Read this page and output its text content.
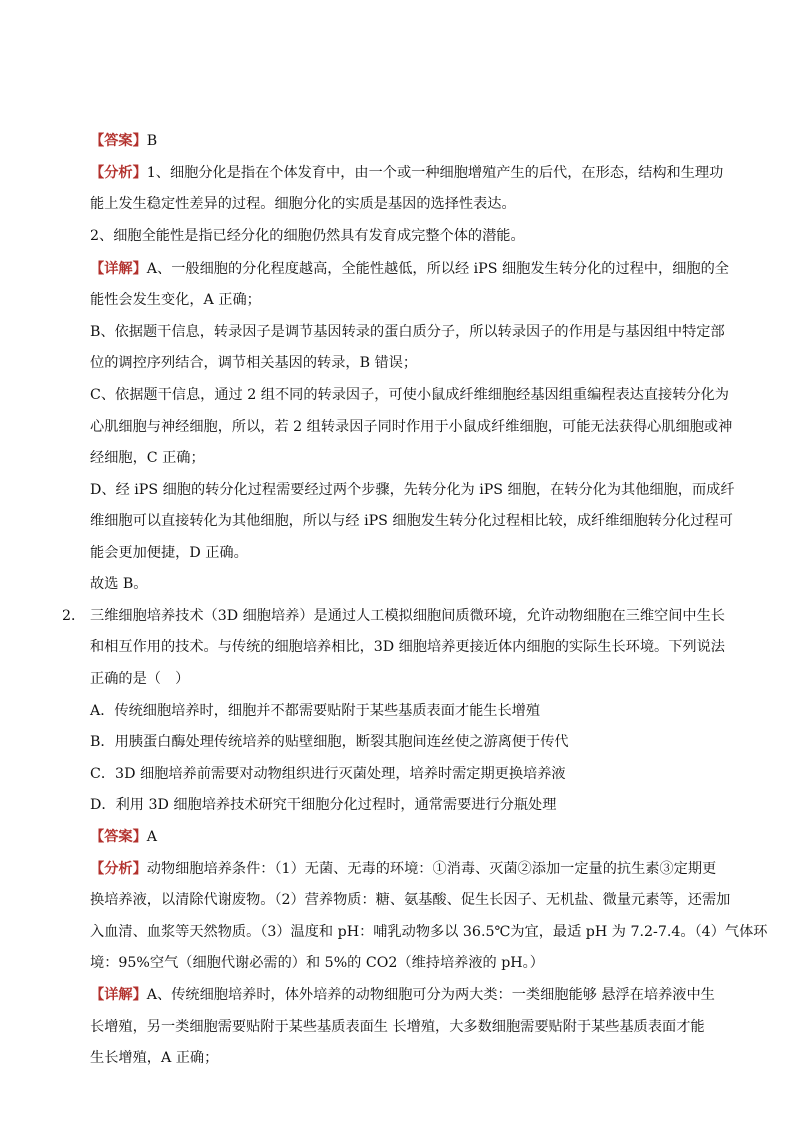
【答案】B
【分析】1、细胞分化是指在个体发育中，由一个或一种细胞增殖产生的后代，在形态，结构和生理功
能上发生稳定性差异的过程。细胞分化的实质是基因的选择性表达。
2、细胞全能性是指已经分化的细胞仍然具有发育成完整个体的潜能。
【详解】A、一般细胞的分化程度越高，全能性越低，所以经 iPS 细胞发生转分化的过程中，细胞的全
能性会发生变化，A 正确；
B、依据题干信息，转录因子是调节基因转录的蛋白质分子，所以转录因子的作用是与基因组中特定部
位的调控序列结合，调节相关基因的转录，B 错误；
C、依据题干信息，通过 2 组不同的转录因子，可使小鼠成纤维细胞经基因组重编程表达直接转分化为
心肌细胞与神经细胞，所以，若 2 组转录因子同时作用于小鼠成纤维细胞，可能无法获得心肌细胞或神
经细胞，C 正确；
D、经 iPS 细胞的转分化过程需要经过两个步骤，先转分化为 iPS 细胞，在转分化为其他细胞，而成纤
维细胞可以直接转化为其他细胞，所以与经 iPS 细胞发生转分化过程相比较，成纤维细胞转分化过程可
能会更加便捷，D 正确。
故选 B。
2． 三维细胞培养技术（3D 细胞培养）是通过人工模拟细胞间质微环境，允许动物细胞在三维空间中生长
和相互作用的技术。与传统的细胞培养相比，3D 细胞培养更接近体内细胞的实际生长环境。下列说法
正确的是（　）
A．传统细胞培养时，细胞并不都需要贴附于某些基质表面才能生长增殖
B．用胰蛋白酶处理传统培养的贴壁细胞，断裂其胞间连丝使之游离便于传代
C．3D 细胞培养前需要对动物组织进行灭菌处理，培养时需定期更换培养液
D．利用 3D 细胞培养技术研究干细胞分化过程时，通常需要进行分瓶处理
【答案】A
【分析】动物细胞培养条件：（1）无菌、无毒的环境：①消毒、灭菌②添加一定量的抗生素③定期更
换培养液，以清除代谢废物。（2）营养物质：糖、氨基酸、促生长因子、无机盐、微量元素等，还需加
入血清、血浆等天然物质。（3）温度和 pH：哺乳动物多以 36.5℃为宜，最适 pH 为 7.2-7.4。（4）气体环
境：95%空气（细胞代谢必需的）和 5%的 CO2（维持培养液的 pH。）
【详解】A、传统细胞培养时，体外培养的动物细胞可分为两大类：一类细胞能够 悬浮在培养液中生
长增殖，另一类细胞需要贴附于某些基质表面生 长增殖，大多数细胞需要贴附于某些基质表面才能
生长增殖，A 正确；
